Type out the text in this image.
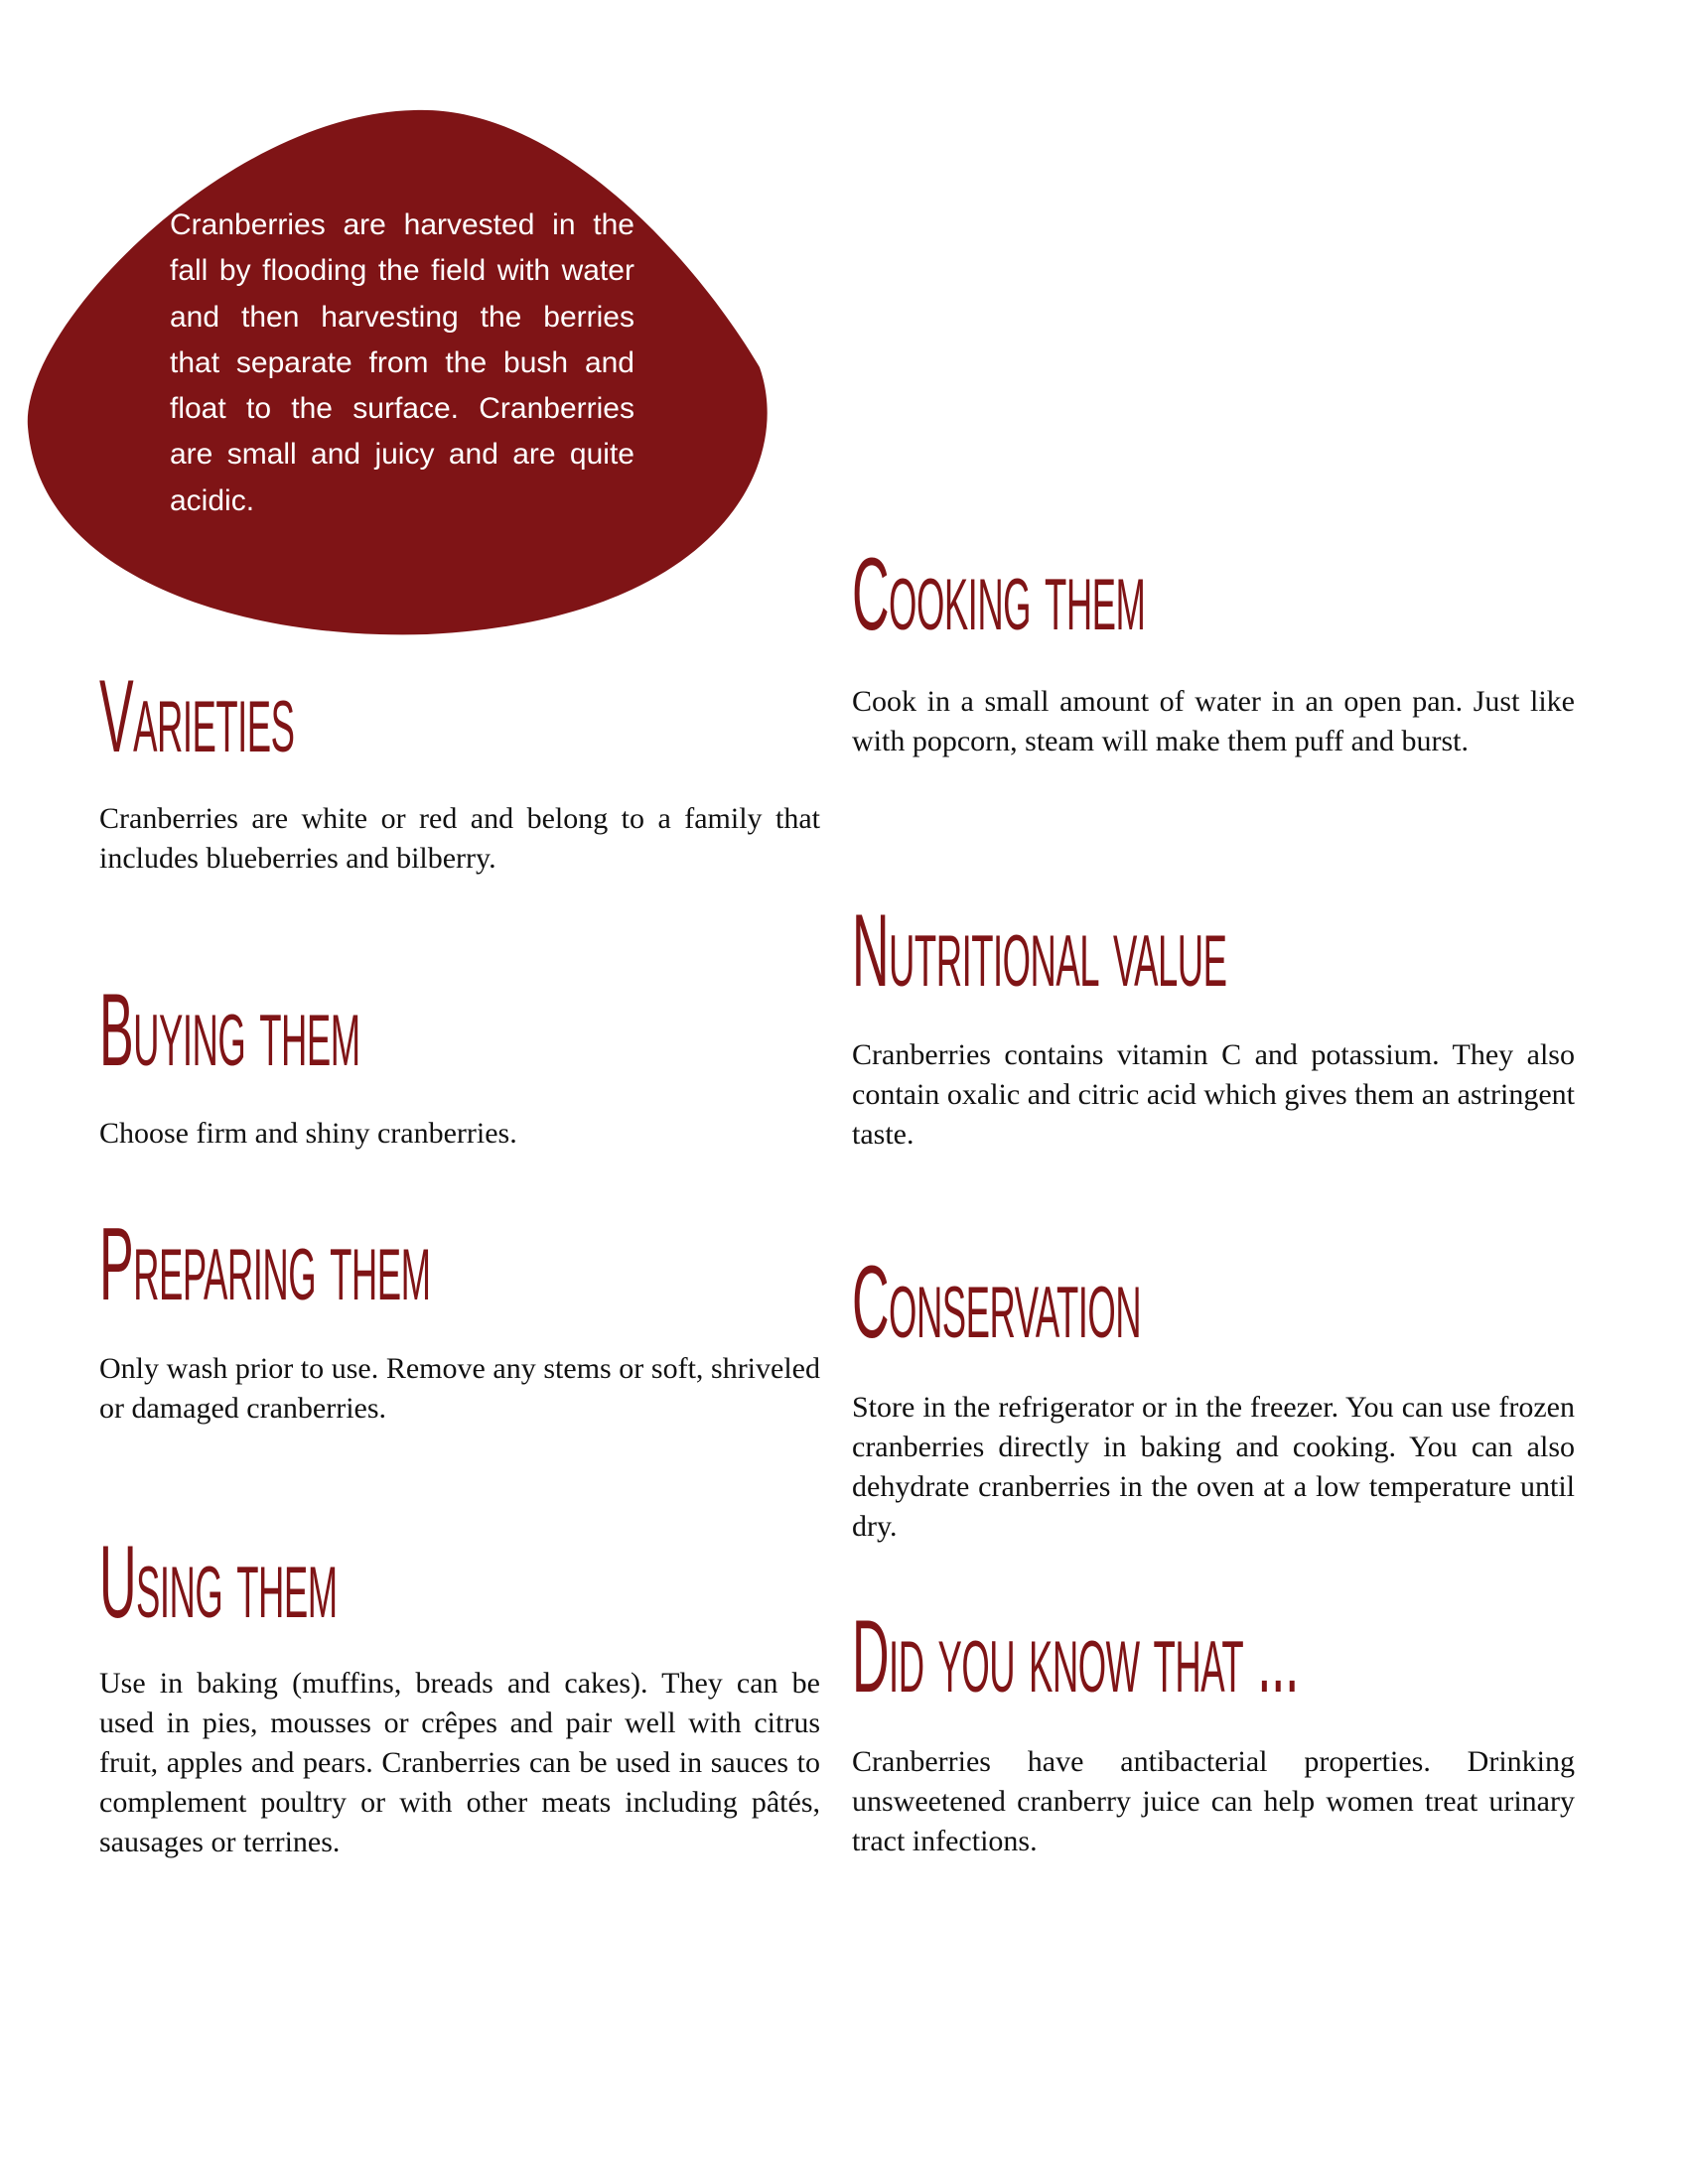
Cranberries are harvested in the fall by flooding the field with water and then harvesting the berries that separate from the bush and float to the surface. Cranberries are small and juicy and are quite acidic.
Varieties
Cranberries are white or red and belong to a family that includes blueberries and bilberry.
Buying them
Choose firm and shiny cranberries.
Preparing them
Only wash prior to use. Remove any stems or soft, shriveled or damaged cranberries.
Using them
Use in baking (muffins, breads and cakes). They can be used in pies, mousses or crêpes and pair well with citrus fruit, apples and pears. Cranberries can be used in sauces to complement poultry or with other meats including pâtés, sausages or terrines.
Cooking them
Cook in a small amount of water in an open pan. Just like with popcorn, steam will make them puff and burst.
Nutritional value
Cranberries contains vitamin C and potassium. They also contain oxalic and citric acid which gives them an astringent taste.
Conservation
Store in the refrigerator or in the freezer. You can use frozen cranberries directly in baking and cooking. You can also dehydrate cranberries in the oven at a low temperature until dry.
Did you know that ...
Cranberries have antibacterial properties. Drinking unsweetened cranberry juice can help women treat urinary tract infections.
